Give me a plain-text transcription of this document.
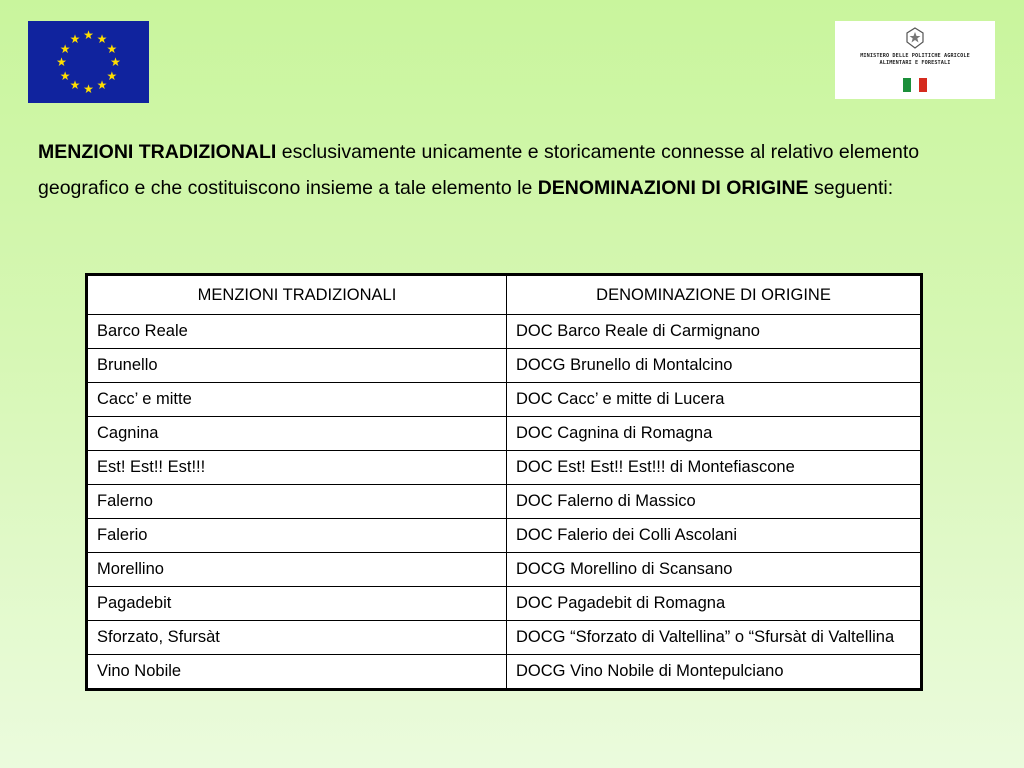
★ ★
★
★
★
★
★
★
★
★
★
★
MINISTERO DELLE POLITICHE AGRICOLE
ALIMENTARI E FORESTALI

MENZIONI TRADIZIONALI esclusivamente unicamente e storicamente connesse al relativo elemento geografico e che costituiscono insieme a tale elemento le DENOMINAZIONI DI ORIGINE seguenti:

MENZIONI TRADIZIONALI	DENOMINAZIONE DI ORIGINE
Barco Reale	DOC Barco Reale di Carmignano
Brunello	DOCG Brunello di Montalcino
Cacc’ e mitte	DOC Cacc’ e mitte di Lucera
Cagnina	DOC Cagnina di Romagna
Est! Est!! Est!!!	DOC Est! Est!! Est!!! di Montefiascone
Falerno	DOC Falerno di Massico
Falerio	DOC Falerio dei Colli Ascolani
Morellino	DOCG Morellino di Scansano
Pagadebit	DOC Pagadebit di Romagna
Sforzato, Sfursàt	DOCG “Sforzato di Valtellina” o “Sfursàt di Valtellina
Vino Nobile	DOCG Vino Nobile di Montepulciano
